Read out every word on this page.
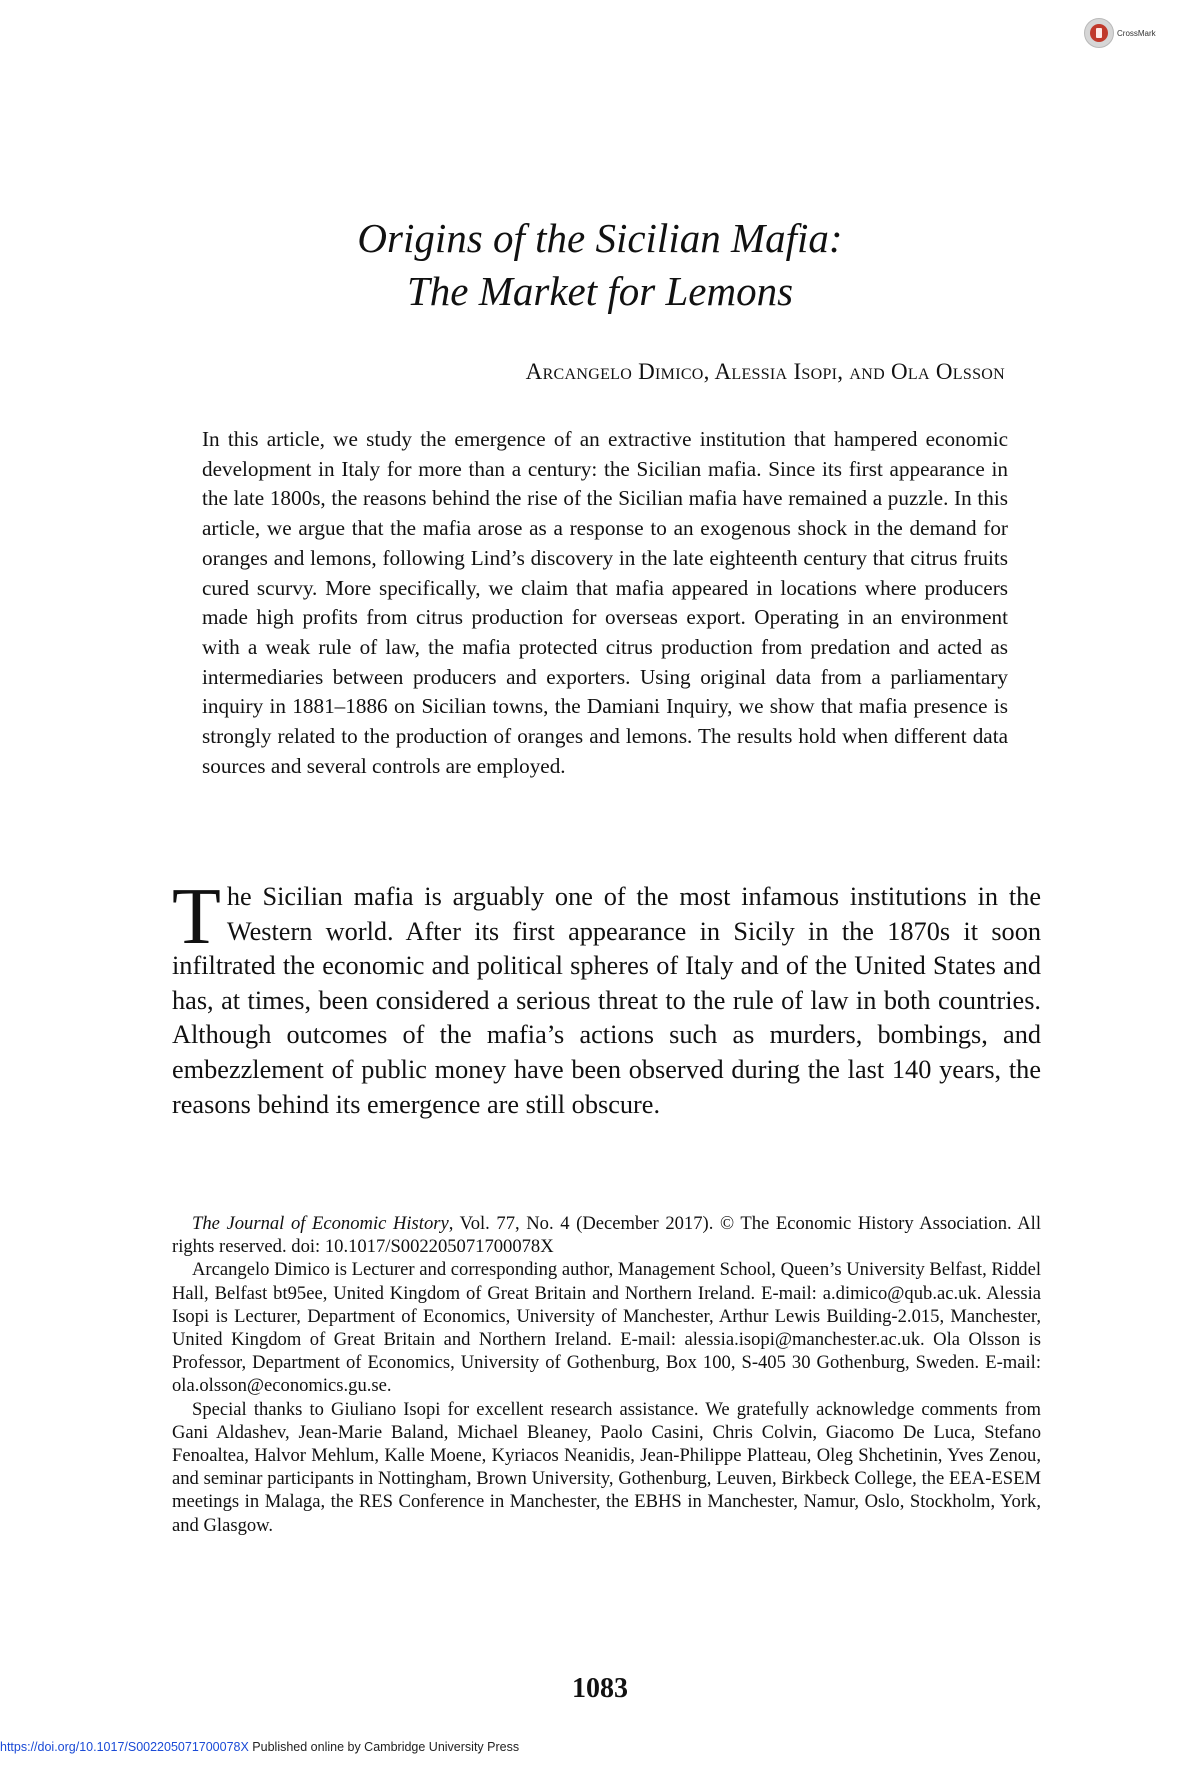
CrossMark
Origins of the Sicilian Mafia:
The Market for Lemons
Arcangelo Dimico, Alessia Isopi, and Ola Olsson

In this article, we study the emergence of an extractive institution that hampered economic development in Italy for more than a century: the Sicilian mafia. Since its first appearance in the late 1800s, the reasons behind the rise of the Sicilian mafia have remained a puzzle. In this article, we argue that the mafia arose as a response to an exogenous shock in the demand for oranges and lemons, following Lind’s discovery in the late eighteenth century that citrus fruits cured scurvy. More specifically, we claim that mafia appeared in locations where producers made high profits from citrus production for overseas export. Operating in an environment with a weak rule of law, the mafia protected citrus production from predation and acted as intermediaries between producers and exporters. Using original data from a parliamentary inquiry in 1881–1886 on Sicilian towns, the Damiani Inquiry, we show that mafia presence is strongly related to the production of oranges and lemons. The results hold when different data sources and several controls are employed.

The Sicilian mafia is arguably one of the most infamous institutions in the Western world. After its first appearance in Sicily in the 1870s it soon infiltrated the economic and political spheres of Italy and of the United States and has, at times, been considered a serious threat to the rule of law in both countries. Although outcomes of the mafia’s actions such as murders, bombings, and embezzlement of public money have been observed during the last 140 years, the reasons behind its emergence are still obscure.

The Journal of Economic History, Vol. 77, No. 4 (December 2017). © The Economic History Association. All rights reserved. doi: 10.1017/S002205071700078X

Arcangelo Dimico is Lecturer and corresponding author, Management School, Queen’s University Belfast, Riddel Hall, Belfast bt95ee, United Kingdom of Great Britain and Northern Ireland. E-mail: a.dimico@qub.ac.uk. Alessia Isopi is Lecturer, Department of Economics, University of Manchester, Arthur Lewis Building-2.015, Manchester, United Kingdom of Great Britain and Northern Ireland. E-mail: alessia.isopi@manchester.ac.uk. Ola Olsson is Professor, Department of Economics, University of Gothenburg, Box 100, S-405 30 Gothenburg, Sweden. E-mail: ola.olsson@economics.gu.se.

Special thanks to Giuliano Isopi for excellent research assistance. We gratefully acknowledge comments from Gani Aldashev, Jean-Marie Baland, Michael Bleaney, Paolo Casini, Chris Colvin, Giacomo De Luca, Stefano Fenoaltea, Halvor Mehlum, Kalle Moene, Kyriacos Neanidis, Jean-Philippe Platteau, Oleg Shchetinin, Yves Zenou, and seminar participants in Nottingham, Brown University, Gothenburg, Leuven, Birkbeck College, the EEA-ESEM meetings in Malaga, the RES Conference in Manchester, the EBHS in Manchester, Namur, Oslo, Stockholm, York, and Glasgow.

1083
https://doi.org/10.1017/S002205071700078X Published online by Cambridge University Press
